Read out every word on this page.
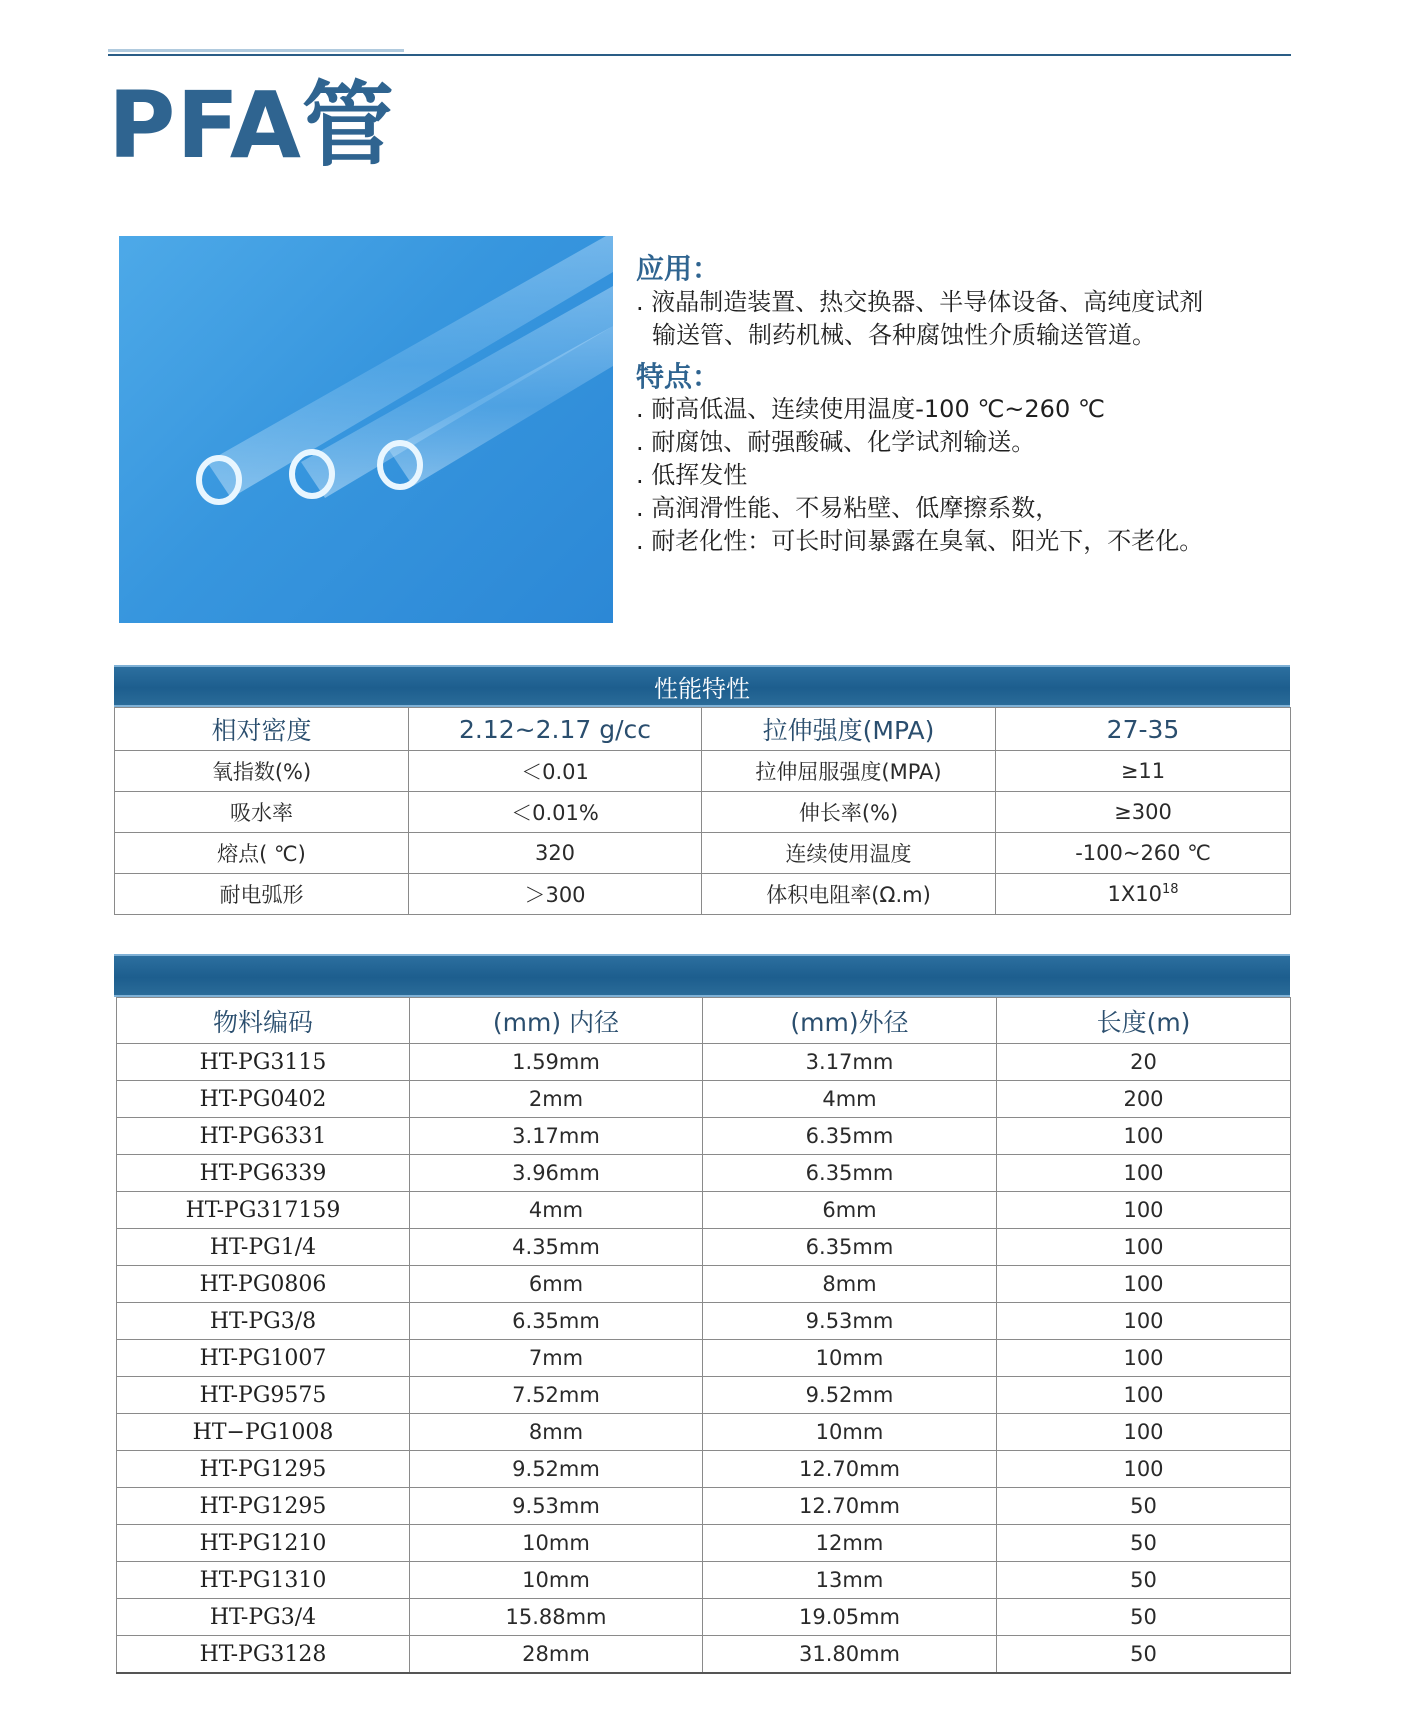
PFA管

应用：

. 液晶制造装置、热交换器、半导体设备、高纯度试剂

输送管、制药机械、各种腐蚀性介质输送管道。

特点：

. 耐高低温、连续使用温度-100 ℃~260 ℃

. 耐腐蚀、耐强酸碱、化学试剂输送。

. 低挥发性

. 高润滑性能、不易粘壁、低摩擦系数，

. 耐老化性：可长时间暴露在臭氧、阳光下，不老化。

性能特性
相对密度	2.12~2.17 g/cc	拉伸强度(MPA)	27-35
氧指数(%)	＜0.01	拉伸屈服强度(MPA)	≥11
吸水率	＜0.01%	伸长率(%)	≥300
熔点( ℃)	320	连续使用温度	-100~260 ℃
耐电弧形	＞300	体积电阻率(Ω.m)	$1X10^{18}$
物料编码	(mm) 内径	(mm)外径	长度(m)
HT-PG3115	1.59mm	3.17mm	20
HT-PG0402	2mm	4mm	200
HT-PG6331	3.17mm	6.35mm	100
HT-PG6339	3.96mm	6.35mm	100
HT-PG317159	4mm	6mm	100
HT-PG1/4	4.35mm	6.35mm	100
HT-PG0806	6mm	8mm	100
HT-PG3/8	6.35mm	9.53mm	100
HT-PG1007	7mm	10mm	100
HT-PG9575	7.52mm	9.52mm	100
HT−PG1008	8mm	10mm	100
HT-PG1295	9.52mm	12.70mm	100
HT-PG1295	9.53mm	12.70mm	50
HT-PG1210	10mm	12mm	50
HT-PG1310	10mm	13mm	50
HT-PG3/4	15.88mm	19.05mm	50
HT-PG3128	28mm	31.80mm	50
